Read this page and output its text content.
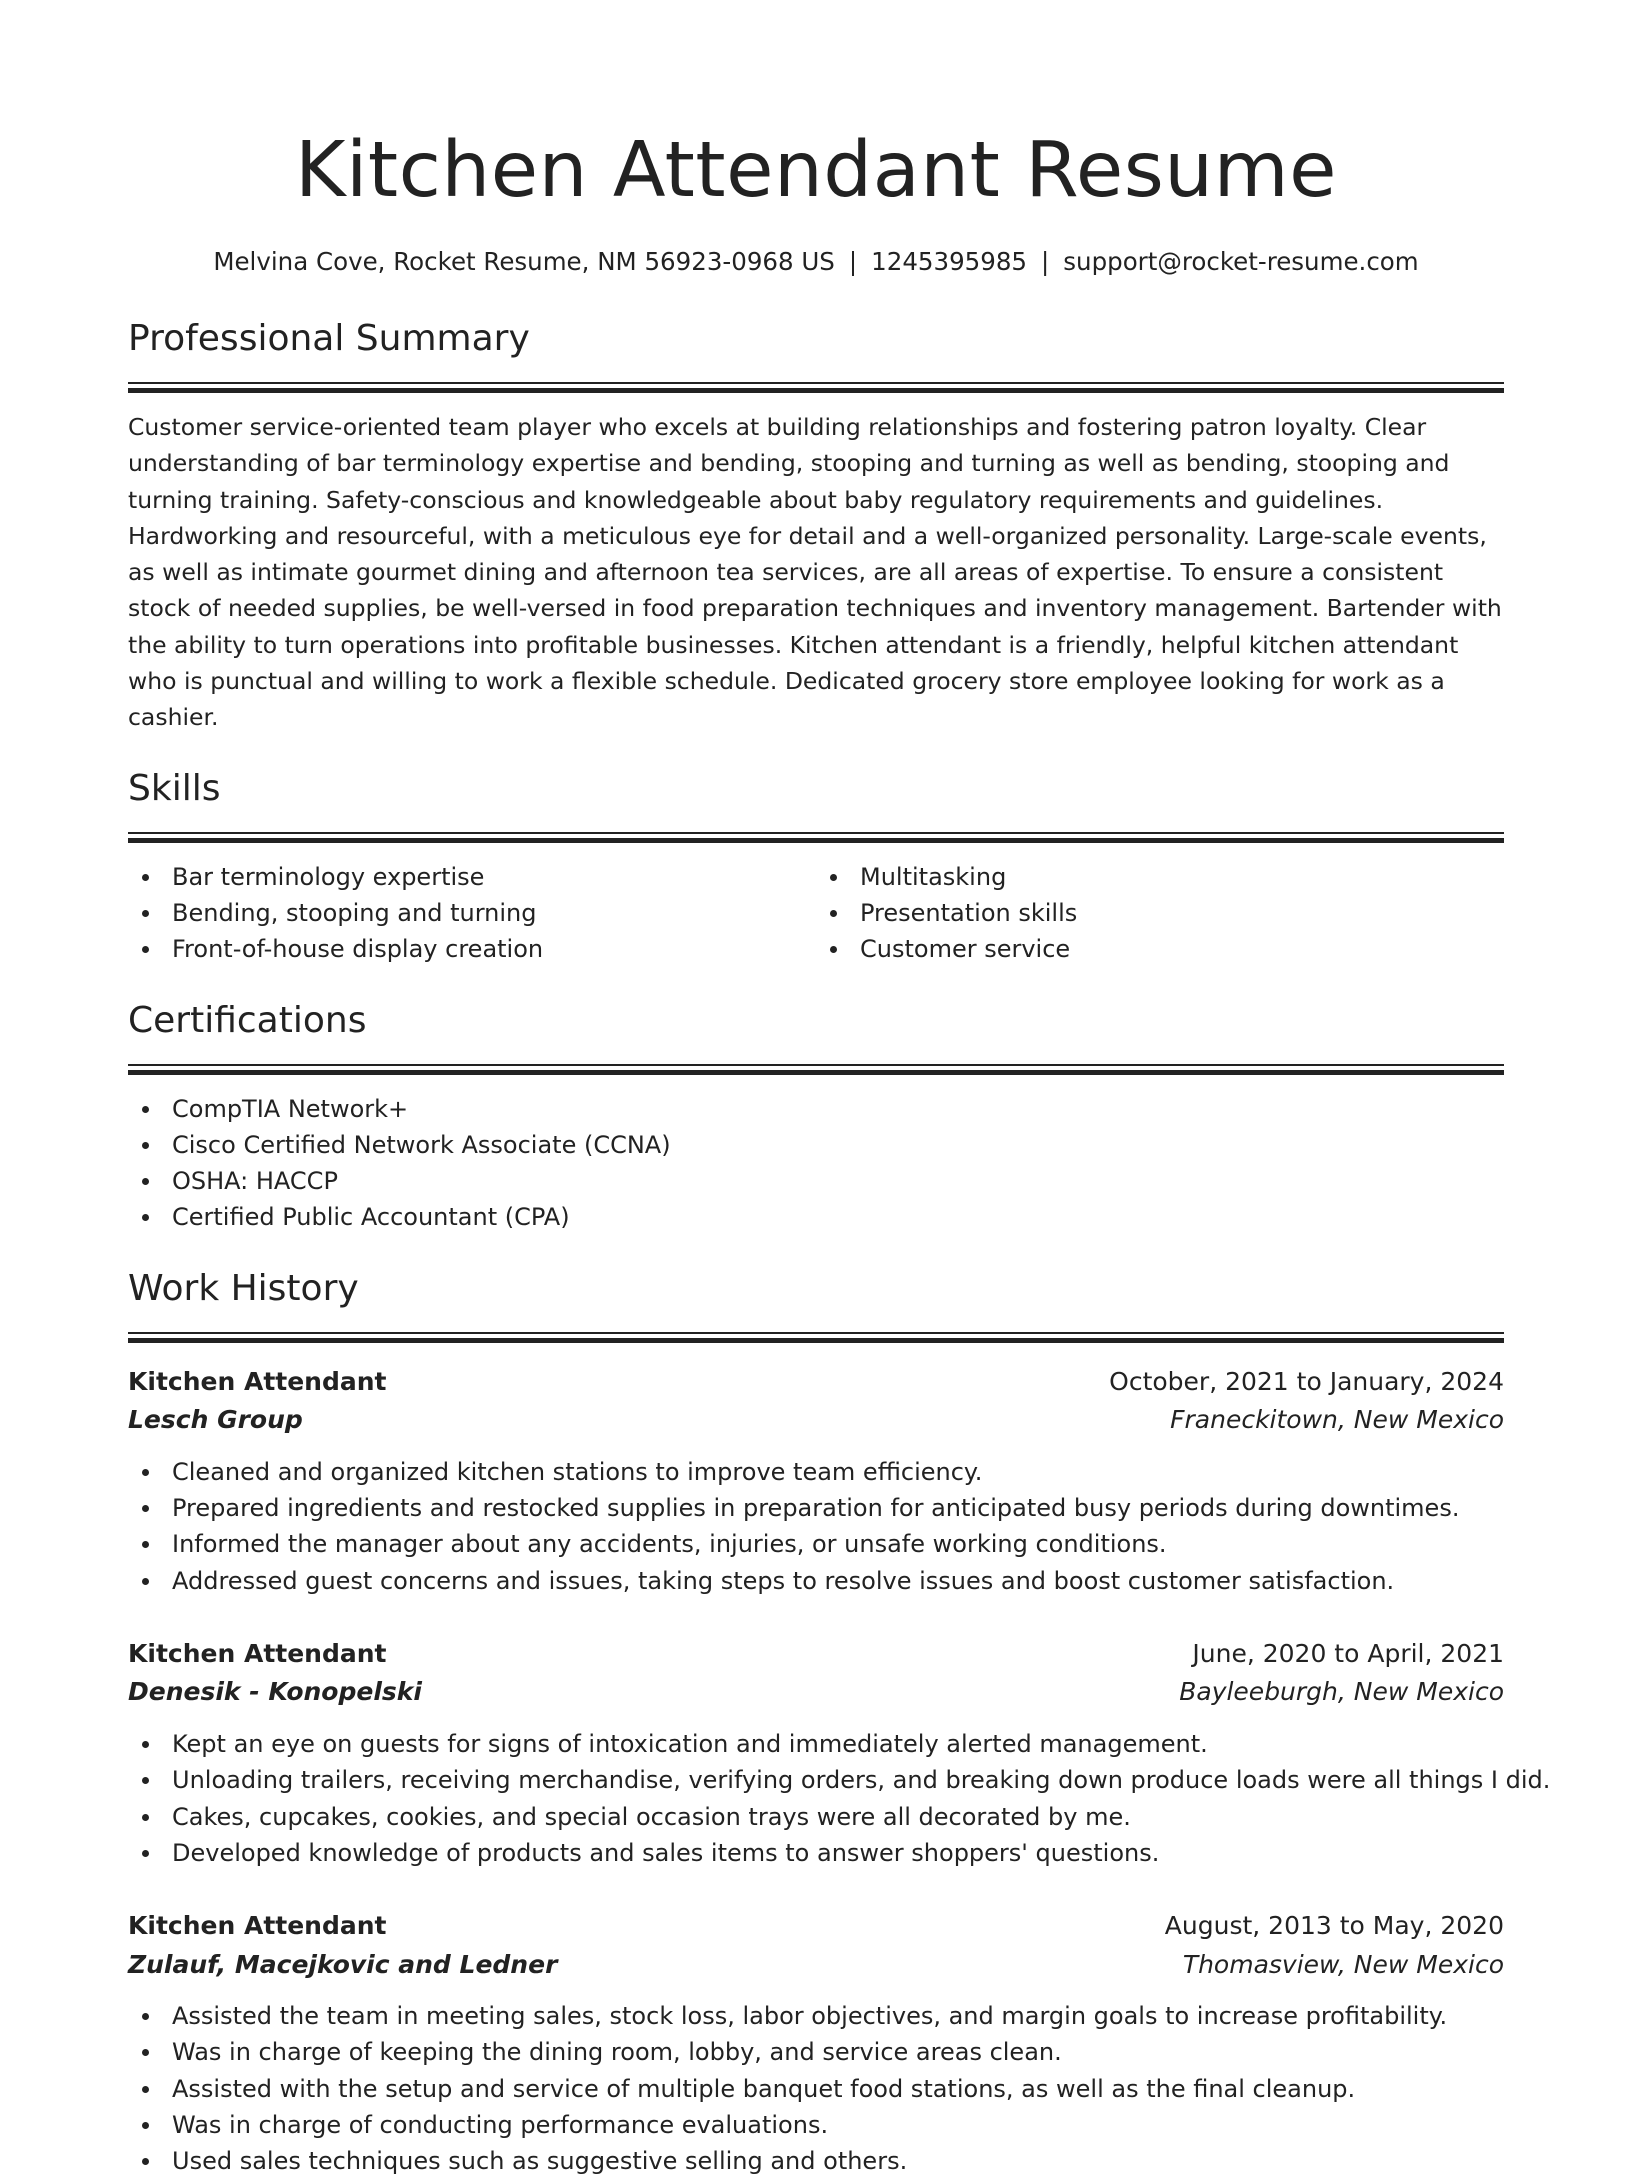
Kitchen Attendant Resume
Melvina Cove, Rocket Resume, NM 56923-0968 US | 1245395985 | support@rocket-resume.com
Professional Summary

Customer service-oriented team player who excels at building relationships and fostering patron loyalty. Clear understanding of bar terminology expertise and bending, stooping and turning as well as bending, stooping and turning training. Safety-conscious and knowledgeable about baby regulatory requirements and guidelines. Hardworking and resourceful, with a meticulous eye for detail and a well-organized personality. Large-scale events, as well as intimate gourmet dining and afternoon tea services, are all areas of expertise. To ensure a consistent stock of needed supplies, be well-versed in food preparation techniques and inventory management. Bartender with the ability to turn operations into profitable businesses. Kitchen attendant is a friendly, helpful kitchen attendant who is punctual and willing to work a flexible schedule. Dedicated grocery store employee looking for work as a cashier.

Skills
Bar terminology expertise
Bending, stooping and turning
Front-of-house display creation
Multitasking
Presentation skills
Customer service
Certifications
CompTIA Network+
Cisco Certified Network Associate (CCNA)
OSHA: HACCP
Certified Public Accountant (CPA)
Work History
Kitchen Attendant	October, 2021 to January, 2024
Lesch Group	Franeckitown, New Mexico
Cleaned and organized kitchen stations to improve team efficiency.
Prepared ingredients and restocked supplies in preparation for anticipated busy periods during downtimes.
Informed the manager about any accidents, injuries, or unsafe working conditions.
Addressed guest concerns and issues, taking steps to resolve issues and boost customer satisfaction.
Kitchen Attendant	June, 2020 to April, 2021
Denesik - Konopelski	Bayleeburgh, New Mexico
Kept an eye on guests for signs of intoxication and immediately alerted management.
Unloading trailers, receiving merchandise, verifying orders, and breaking down produce loads were all things I did.
Cakes, cupcakes, cookies, and special occasion trays were all decorated by me.
Developed knowledge of products and sales items to answer shoppers' questions.
Kitchen Attendant	August, 2013 to May, 2020
Zulauf, Macejkovic and Ledner	Thomasview, New Mexico
Assisted the team in meeting sales, stock loss, labor objectives, and margin goals to increase profitability.
Was in charge of keeping the dining room, lobby, and service areas clean.
Assisted with the setup and service of multiple banquet food stations, as well as the final cleanup.
Was in charge of conducting performance evaluations.
Used sales techniques such as suggestive selling and others.
